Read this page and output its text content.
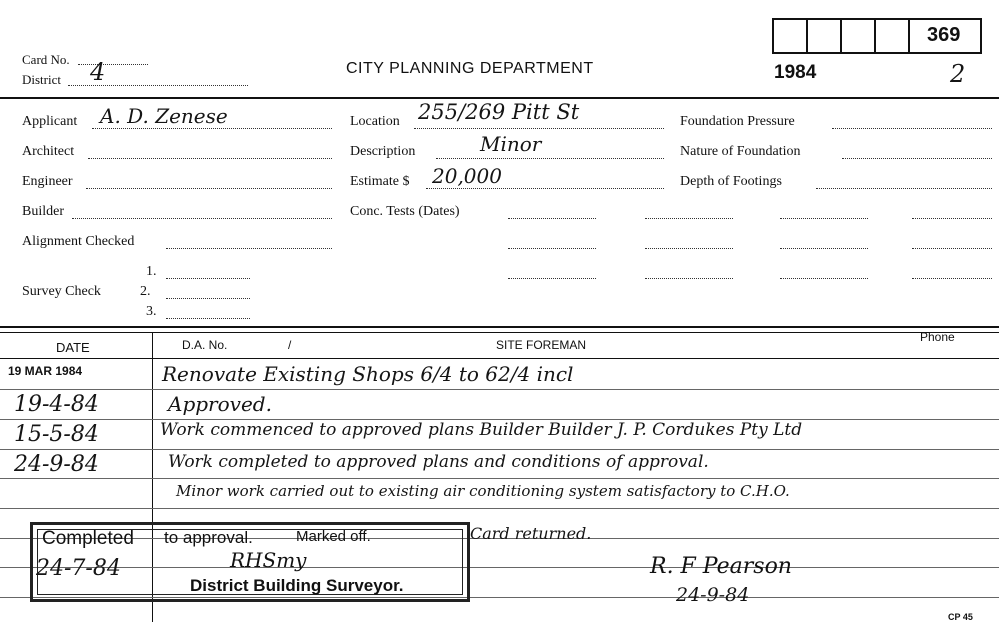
Card No.
District 4	CITY PLANNING DEPARTMENT
369
1984	2
Applicant A. D. Zenese
Architect
Engineer
Builder
Alignment Checked
Survey Check
1.
2.
3.
Location 255/269 Pitt St
Description	Minor
Estimate $ 20,000
Conc. Tests (Dates)
Foundation Pressure
Nature of Foundation
Depth of Footings
DATE	D.A. No.	/	SITE FOREMAN
Phone
19 MAR 1984	Renovate Existing Shops 6/4 to 62/4 incl
19-4-84	Approved.
15-5-84	Work commenced to approved plans Builder Builder J. P. Cordukes Pty Ltd
24-9-84	Work completed to approved plans and conditions of approval.
Minor work carried out to existing air conditioning system satisfactory to C.H.O.
Card returned.
Completed to approval.	Marked off.
24-7-84
District Building Surveyor.
RHSmy	R. F Pearson
24-9-84
CP 45
